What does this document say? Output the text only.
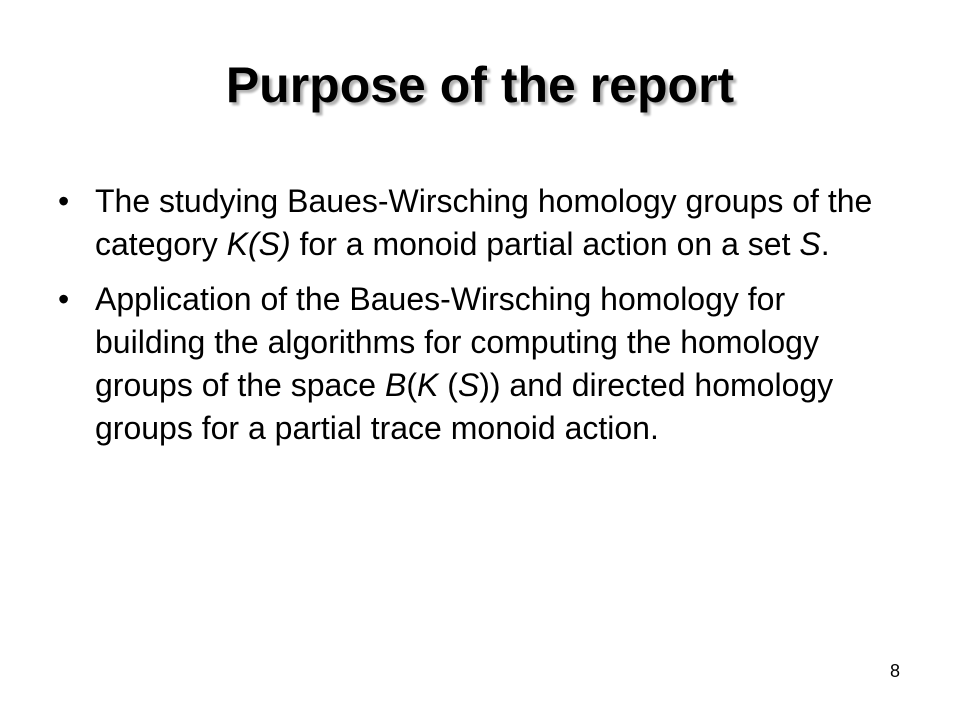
Purpose of the report
• The studying Baues-Wirsching homology groups of the category K(S) for a monoid partial action on a set S.
• Application of the Baues-Wirsching homology for building the algorithms for computing the homology groups of the space B(K (S)) and directed homology groups for a partial trace monoid action.
8
